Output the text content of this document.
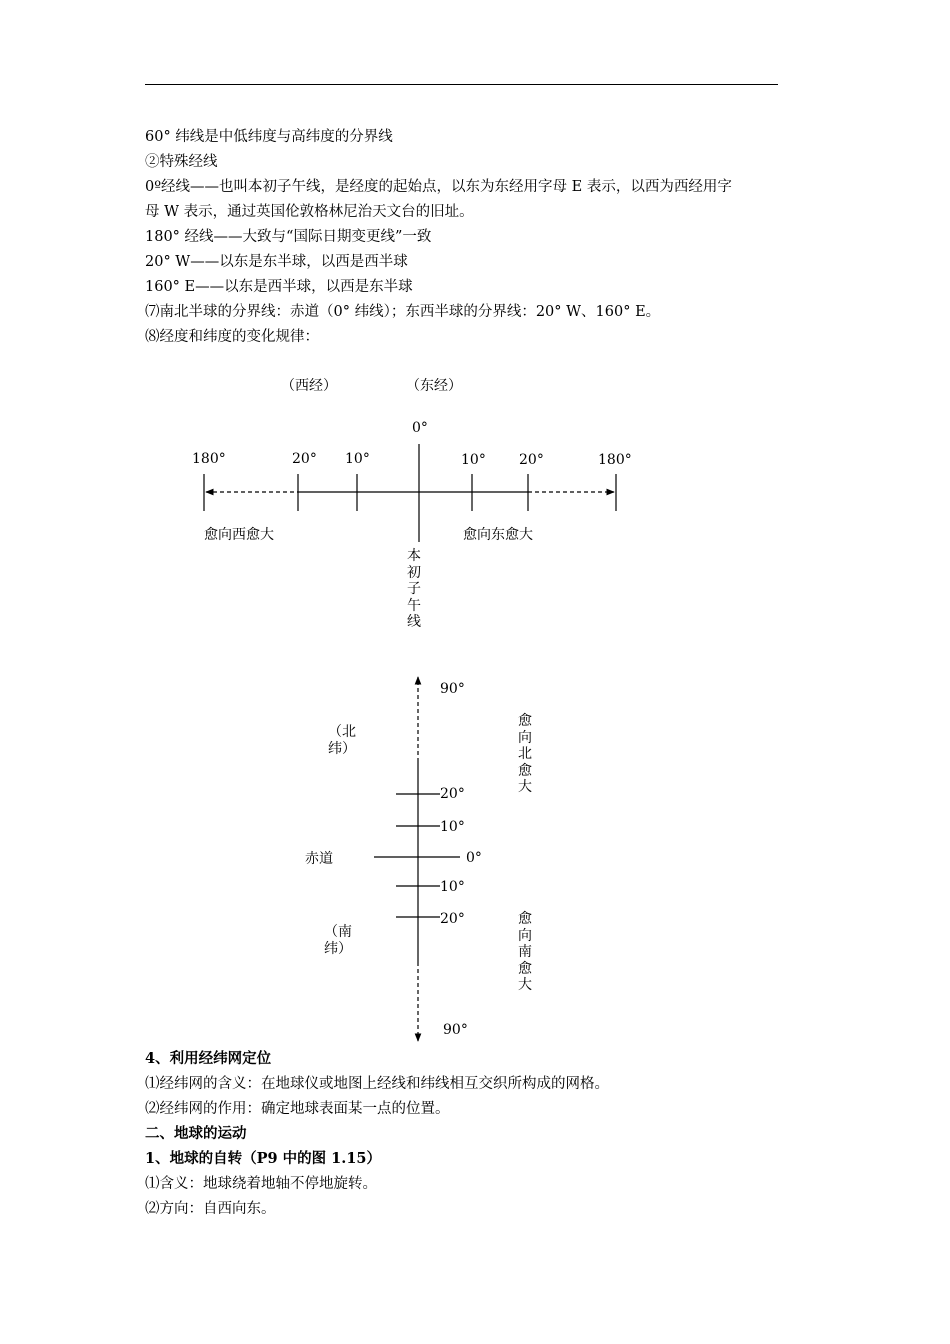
60° 纬线是中低纬度与高纬度的分界线
②特殊经线
0º经线——也叫本初子午线，是经度的起始点，以东为东经用字母 E 表示，以西为西经用字
母 W 表示，通过英国伦敦格林尼治天文台的旧址。
180° 经线——大致与“国际日期变更线”一致
20° W——以东是东半球，以西是西半球
160° E——以东是西半球，以西是东半球
⑺南北半球的分界线：赤道（0° 纬线）；东西半球的分界线：20° W、160° E。
⑻经度和纬度的变化规律：
（西经）	（东经）
0°
180°	20° 10°	10° 20°	180°
愈向西愈大	愈向东愈大
本初子午线
90°
（北纬）
愈向北愈大
20°
10°
赤道	0°
10°
20°	愈向南愈大
（南纬）
90°
4、利用经纬网定位
⑴经纬网的含义：在地球仪或地图上经线和纬线相互交织所构成的网格。
⑵经纬网的作用：确定地球表面某一点的位置。
二、地球的运动
1、地球的自转（P9 中的图 1.15）
⑴含义：地球绕着地轴不停地旋转。
⑵方向：自西向东。
